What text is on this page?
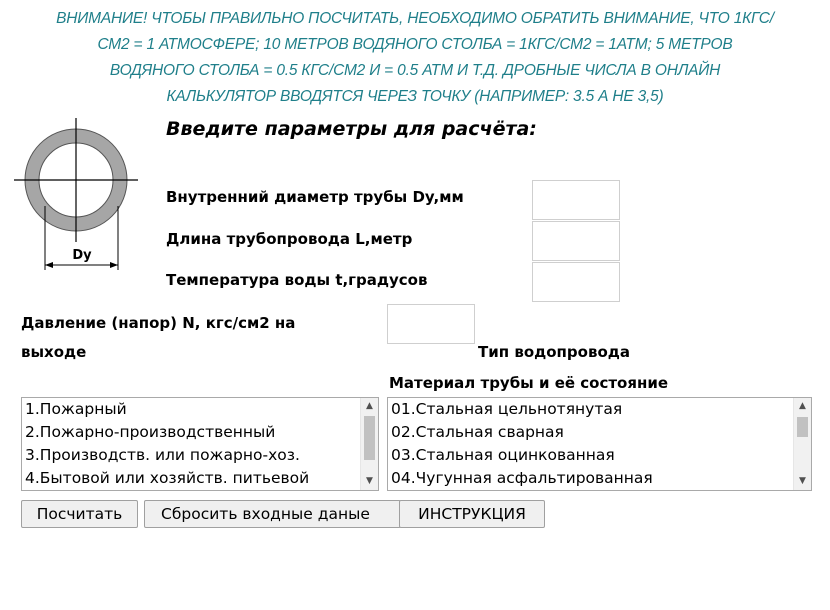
ВНИМАНИЕ! ЧТОБЫ ПРАВИЛЬНО ПОСЧИТАТЬ, НЕОБХОДИМО ОБРАТИТЬ ВНИМАНИЕ, ЧТО 1КГС/
СМ2 = 1 АТМОСФЕРЕ; 10 МЕТРОВ ВОДЯНОГО СТОЛБА = 1КГС/СМ2 = 1АТМ; 5 МЕТРОВ
ВОДЯНОГО СТОЛБА = 0.5 КГС/СМ2 И = 0.5 АТМ И Т.Д. ДРОБНЫЕ ЧИСЛА В ОНЛАЙН
КАЛЬКУЛЯТОР ВВОДЯТСЯ ЧЕРЕЗ ТОЧКУ (НАПРИМЕР: 3.5 А НЕ 3,5)
Dy
Введите параметры для расчёта:
Внутренний диаметр трубы Dy,мм
Длина трубопровода L,метр
Температура воды t,градусов
Давление (напор) N, кгс/см2 на
выходе	Тип водопровода
Материал трубы и её состояние
1.Пожарный
2.Пожарно-производственный
3.Производств. или пожарно-хоз.
4.Бытовой или хозяйств. питьевой
▲
▼
01.Стальная цельнотянутая
02.Стальная сварная
03.Стальная оцинкованная
04.Чугунная асфальтированная
▲
▼
Посчитать	Сбросить входные даные	ИНСТРУКЦИЯ
